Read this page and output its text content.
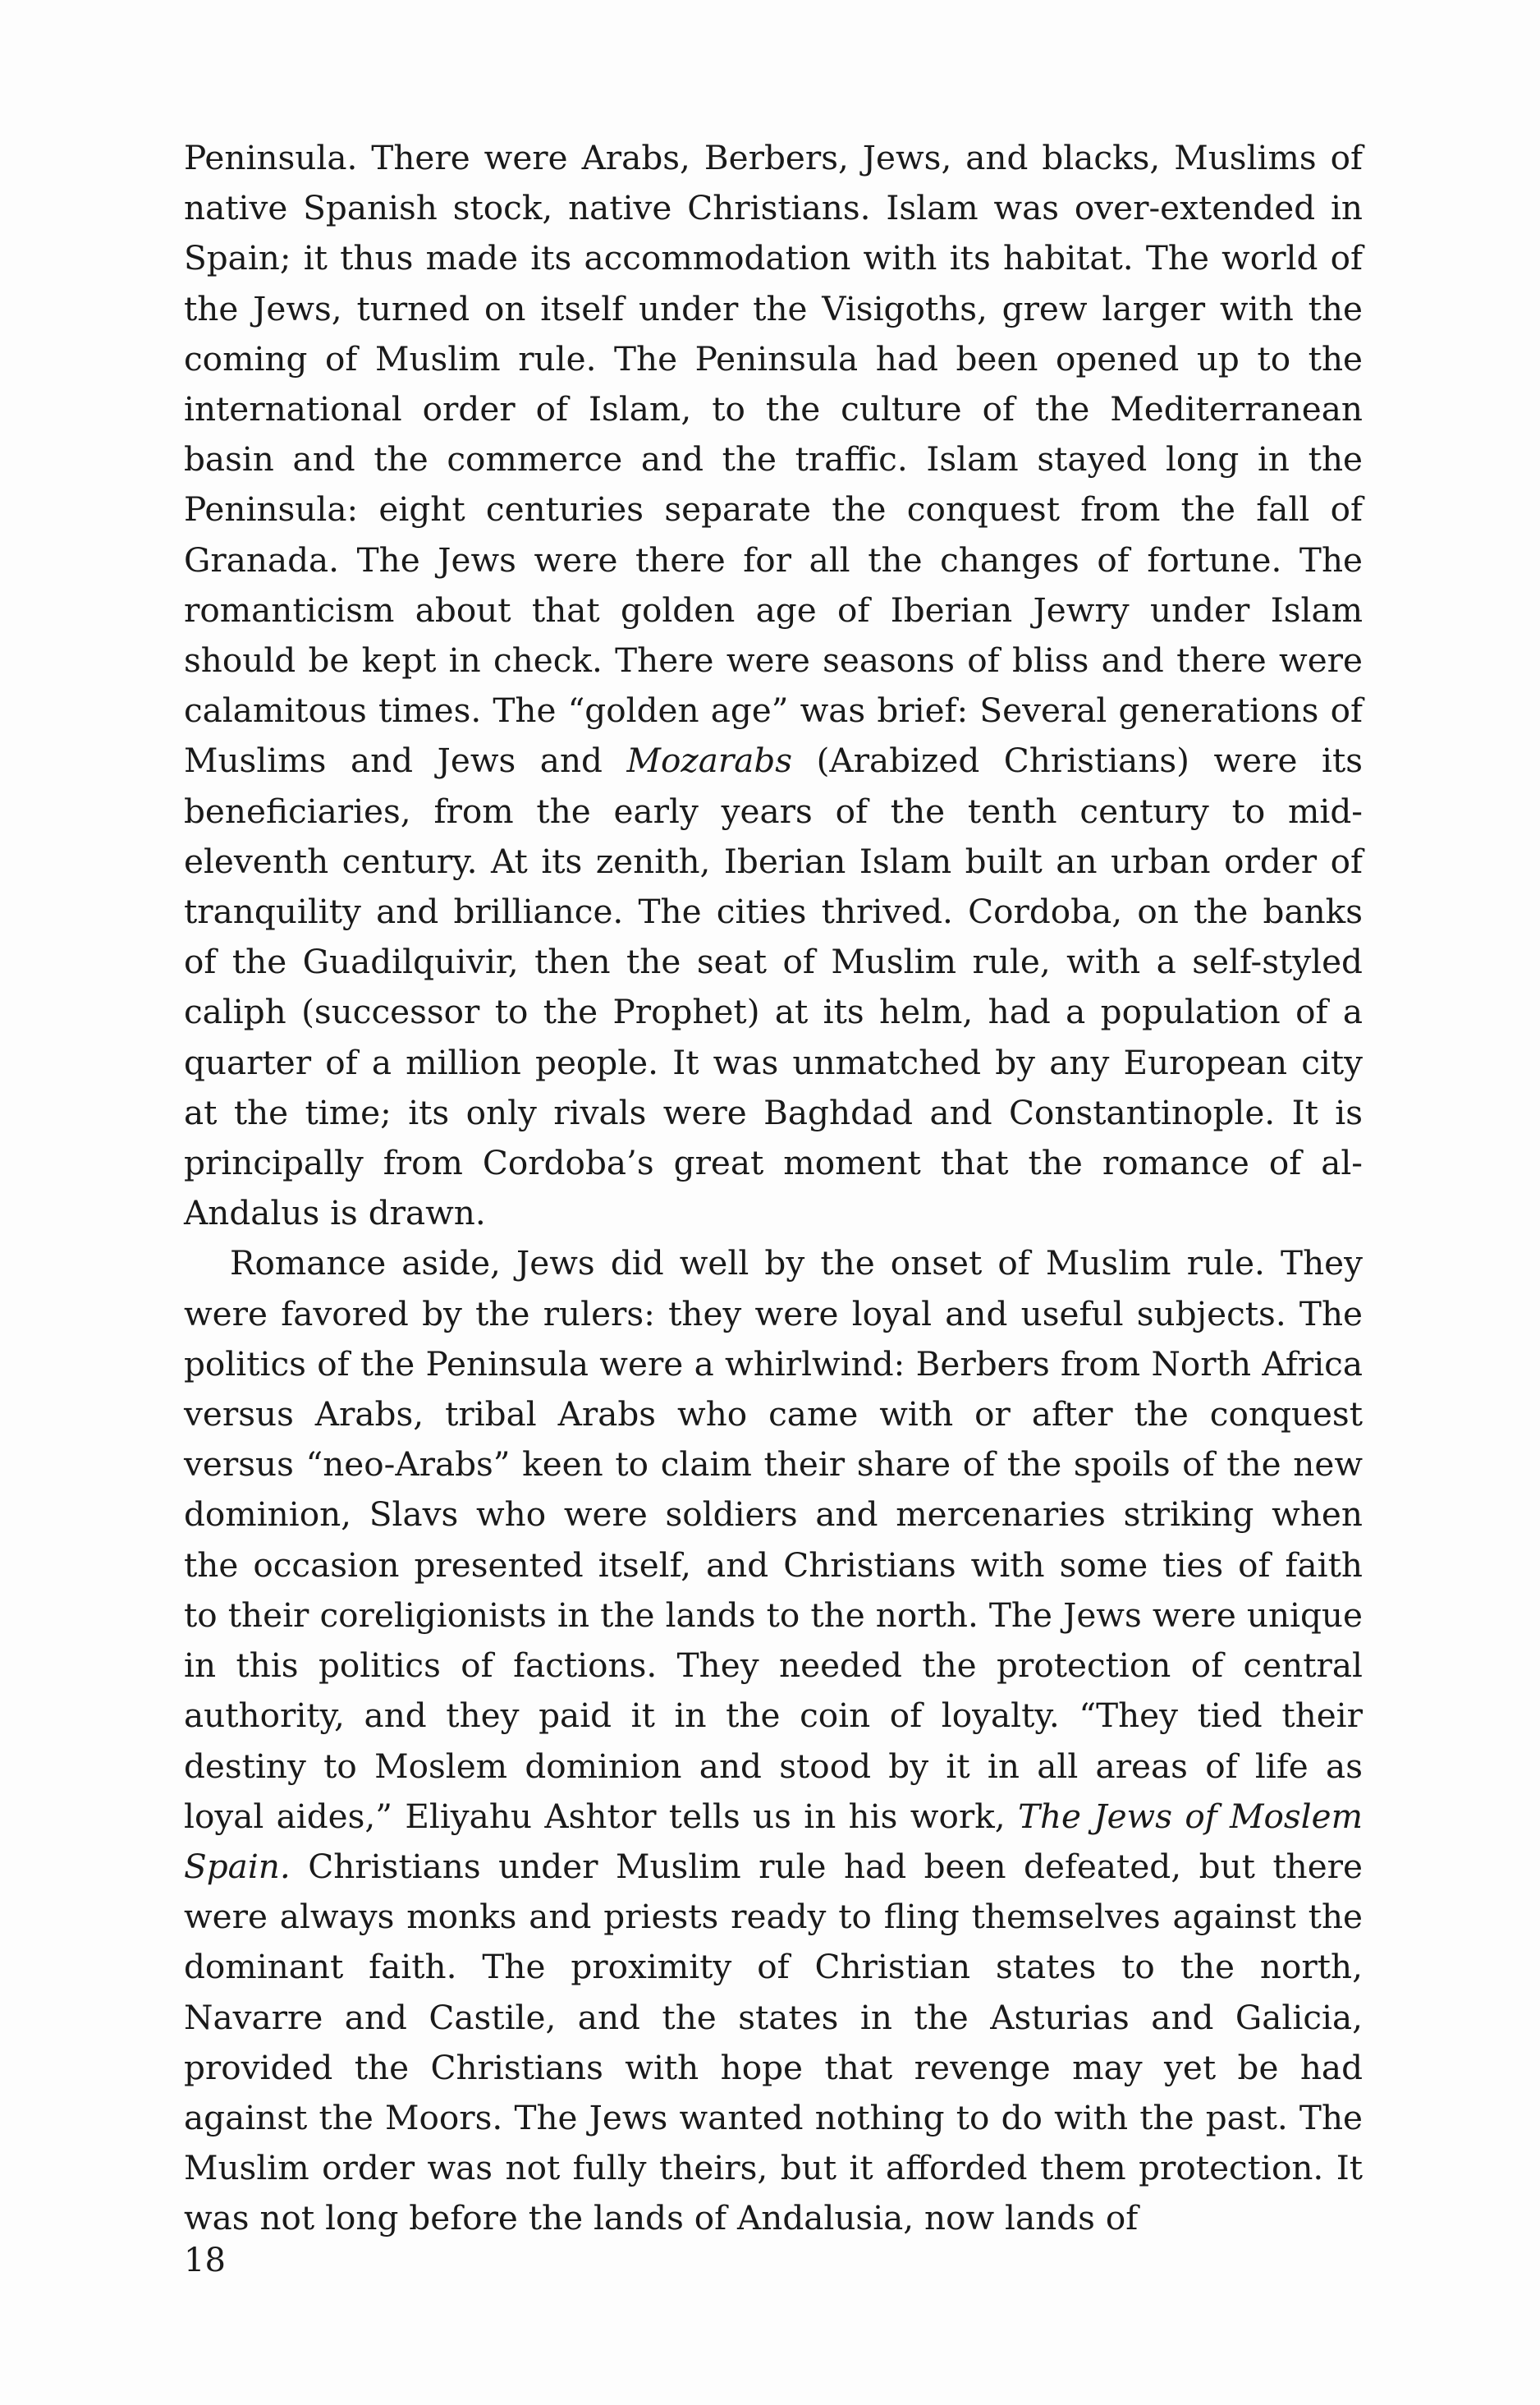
Peninsula. There were Arabs, Berbers, Jews, and blacks, Muslims of native Spanish stock, native Christians. Islam was over-extended in Spain; it thus made its accommodation with its habitat. The world of the Jews, turned on itself under the Visigoths, grew larger with the coming of Muslim rule. The Peninsula had been opened up to the international order of Islam, to the culture of the Mediterranean basin and the commerce and the traffic. Islam stayed long in the Peninsula: eight centuries separate the conquest from the fall of Granada. The Jews were there for all the changes of fortune. The romanticism about that golden age of Iberian Jewry under Islam should be kept in check. There were seasons of bliss and there were calamitous times. The “golden age” was brief: Several generations of Muslims and Jews and Mozarabs (Arabized Christians) were its beneficiaries, from the early years of the tenth century to mid-eleventh century. At its zenith, Iberian Islam built an urban order of tranquility and brilliance. The cities thrived. Cordoba, on the banks of the Guadilquivir, then the seat of Muslim rule, with a self-styled caliph (successor to the Prophet) at its helm, had a population of a quarter of a million people. It was unmatched by any European city at the time; its only rivals were Baghdad and Constantinople. It is principally from Cordoba’s great moment that the romance of al-Andalus is drawn.

Romance aside, Jews did well by the onset of Muslim rule. They were favored by the rulers: they were loyal and useful subjects. The politics of the Peninsula were a whirlwind: Berbers from North Africa versus Arabs, tribal Arabs who came with or after the conquest versus “neo-Arabs” keen to claim their share of the spoils of the new dominion, Slavs who were soldiers and mercenaries striking when the occasion presented itself, and Christians with some ties of faith to their coreligionists in the lands to the north. The Jews were unique in this politics of factions. They needed the protection of central authority, and they paid it in the coin of loyalty. “They tied their destiny to Moslem dominion and stood by it in all areas of life as loyal aides,” Eliyahu Ashtor tells us in his work, The Jews of Moslem Spain. Christians under Muslim rule had been defeated, but there were always monks and priests ready to fling themselves against the dominant faith. The proximity of Christian states to the north, Navarre and Castile, and the states in the Asturias and Galicia, provided the Christians with hope that revenge may yet be had against the Moors. The Jews wanted nothing to do with the past. The Muslim order was not fully theirs, but it afforded them protection. It was not long before the lands of Andalusia, now lands of

18
